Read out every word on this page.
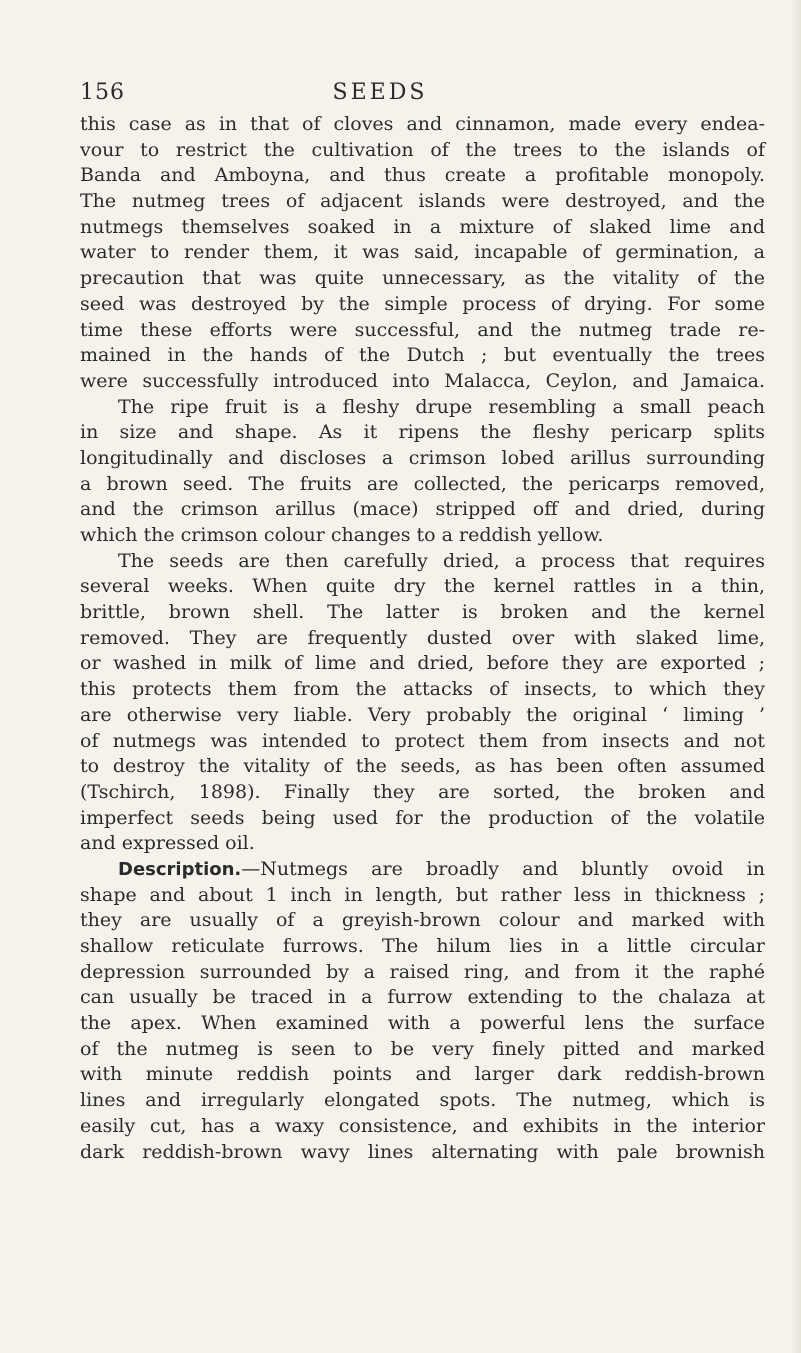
156	SEEDS
this case as in that of cloves and cinnamon, made every endea-
vour to restrict the cultivation of the trees to the islands of
Banda and Amboyna, and thus create a profitable monopoly.
The nutmeg trees of adjacent islands were destroyed, and the
nutmegs themselves soaked in a mixture of slaked lime and
water to render them, it was said, incapable of germination, a
precaution that was quite unnecessary, as the vitality of the
seed was destroyed by the simple process of drying. For some
time these efforts were successful, and the nutmeg trade re-
mained in the hands of the Dutch ; but eventually the trees
were successfully introduced into Malacca, Ceylon, and Jamaica.
The ripe fruit is a fleshy drupe resembling a small peach
in size and shape. As it ripens the fleshy pericarp splits
longitudinally and discloses a crimson lobed arillus surrounding
a brown seed. The fruits are collected, the pericarps removed,
and the crimson arillus (mace) stripped off and dried, during
which the crimson colour changes to a reddish yellow.
The seeds are then carefully dried, a process that requires
several weeks. When quite dry the kernel rattles in a thin,
brittle, brown shell. The latter is broken and the kernel
removed. They are frequently dusted over with slaked lime,
or washed in milk of lime and dried, before they are exported ;
this protects them from the attacks of insects, to which they
are otherwise very liable. Very probably the original ‘ liming ’
of nutmegs was intended to protect them from insects and not
to destroy the vitality of the seeds, as has been often assumed
(Tschirch, 1898). Finally they are sorted, the broken and
imperfect seeds being used for the production of the volatile
and expressed oil.
Description.—Nutmegs are broadly and bluntly ovoid in
shape and about 1 inch in length, but rather less in thickness ;
they are usually of a greyish-brown colour and marked with
shallow reticulate furrows. The hilum lies in a little circular
depression surrounded by a raised ring, and from it the raphé
can usually be traced in a furrow extending to the chalaza at
the apex. When examined with a powerful lens the surface
of the nutmeg is seen to be very finely pitted and marked
with minute reddish points and larger dark reddish-brown
lines and irregularly elongated spots. The nutmeg, which is
easily cut, has a waxy consistence, and exhibits in the interior
dark reddish-brown wavy lines alternating with pale brownish
